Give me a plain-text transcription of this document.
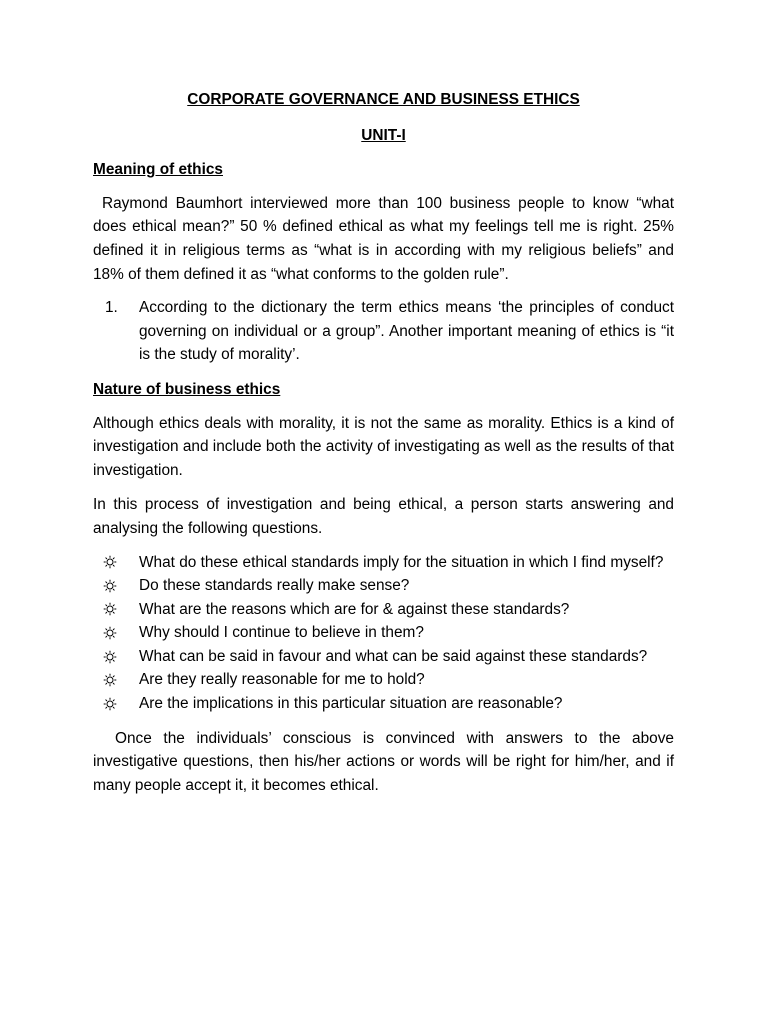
CORPORATE GOVERNANCE AND BUSINESS ETHICS

UNIT-I

Meaning of ethics

Raymond Baumhort interviewed more than 100 business people to know “what does ethical mean?” 50 % defined ethical as what my feelings tell me is right. 25% defined it in religious terms as “what is in according with my religious beliefs” and 18% of them defined it as “what conforms to the golden rule”.

1.	According to the dictionary the term ethics means ‘the principles of conduct governing on individual or a group”. Another important meaning of ethics is “it is the study of morality’.

Nature of business ethics

Although ethics deals with morality, it is not the same as morality. Ethics is a kind of investigation and include both the activity of investigating as well as the results of that investigation.

In this process of investigation and being ethical, a person starts answering and analysing the following questions.

What do these ethical standards imply for the situation in which I find myself?
Do these standards really make sense?
What are the reasons which are for & against these standards?
Why should I continue to believe in them?
What can be said in favour and what can be said against these standards?
Are they really reasonable for me to hold?
Are the implications in this particular situation are reasonable?

Once the individuals’ conscious is convinced with answers to the above investigative questions, then his/her actions or words will be right for him/her, and if many people accept it, it becomes ethical.
